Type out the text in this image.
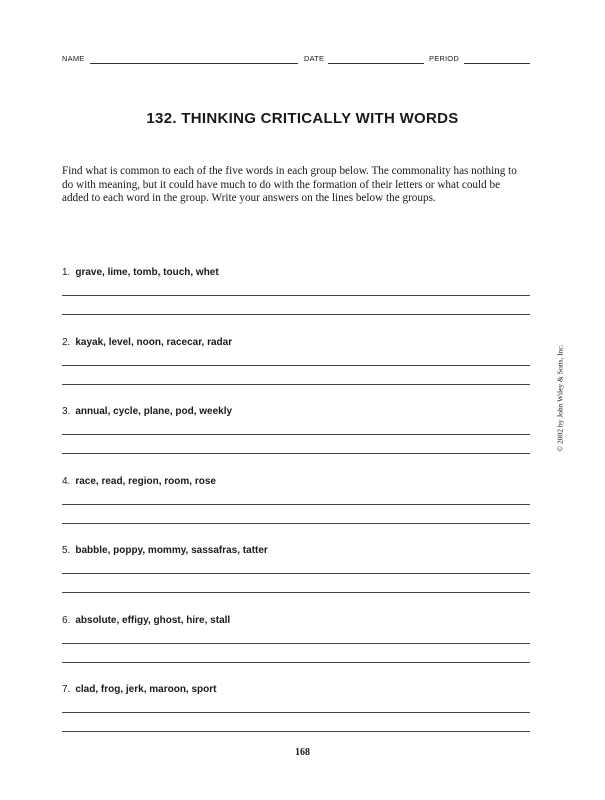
NAME	DATE	PERIOD
132. THINKING CRITICALLY WITH WORDS

Find what is common to each of the five words in each group below. The commonality has nothing to do with meaning, but it could have much to do with the formation of their letters or what could be added to each word in the group. Write your answers on the lines below the groups.

1. grave, lime, tomb, touch, whet
2. kayak, level, noon, racecar, radar
3. annual, cycle, plane, pod, weekly
4. race, read, region, room, rose
5. babble, poppy, mommy, sassafras, tatter
6. absolute, effigy, ghost, hire, stall
7. clad, frog, jerk, maroon, sport
© 2002 by John Wiley & Sons, Inc.
168
